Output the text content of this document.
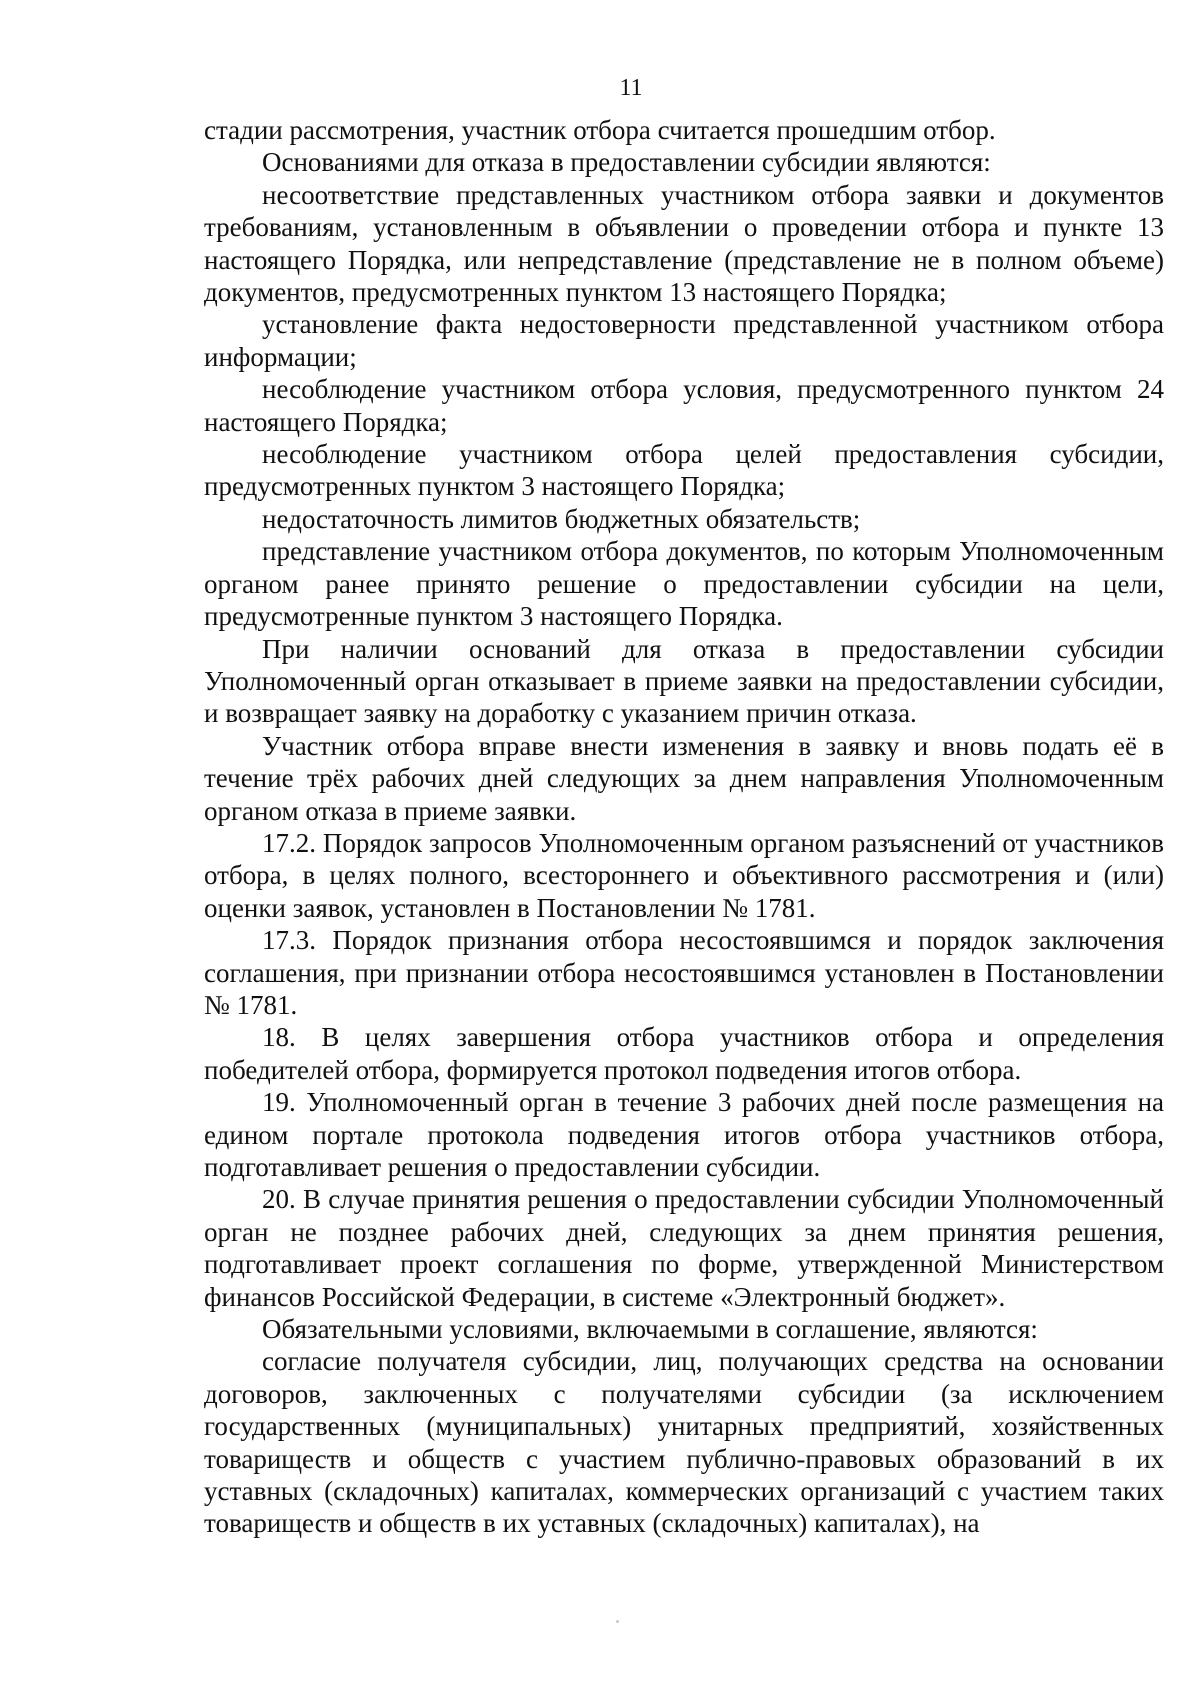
11

стадии рассмотрения, участник отбора считается прошедшим отбор.

Основаниями для отказа в предоставлении субсидии являются:

несоответствие представленных участником отбора заявки и документов требованиям, установленным в объявлении о проведении отбора и пункте 13 настоящего Порядка, или непредставление (представление не в полном объеме) документов, предусмотренных пунктом 13 настоящего Порядка;

установление факта недостоверности представленной участником отбора информации;

несоблюдение участником отбора условия, предусмотренного пунктом 24 настоящего Порядка;

несоблюдение участником отбора целей предоставления субсидии, предусмотренных пунктом 3 настоящего Порядка;

недостаточность лимитов бюджетных обязательств;

представление участником отбора документов, по которым Уполномоченным органом ранее принято решение о предоставлении субсидии на цели, предусмотренные пунктом 3 настоящего Порядка.

При наличии оснований для отказа в предоставлении субсидии Уполномоченный орган отказывает в приеме заявки на предоставлении субсидии, и возвращает заявку на доработку с указанием причин отказа.

Участник отбора вправе внести изменения в заявку и вновь подать её в течение трёх рабочих дней следующих за днем направления Уполномоченным органом отказа в приеме заявки.

17.2. Порядок запросов Уполномоченным органом разъяснений от участников отбора, в целях полного, всестороннего и объективного рассмотрения и (или) оценки заявок, установлен в Постановлении № 1781.

17.3. Порядок признания отбора несостоявшимся и порядок заключения соглашения, при признании отбора несостоявшимся установлен в Постановлении № 1781.

18. В целях завершения отбора участников отбора и определения победителей отбора, формируется протокол подведения итогов отбора.

19. Уполномоченный орган в течение 3 рабочих дней после размещения на едином портале протокола подведения итогов отбора участников отбора, подготавливает решения о предоставлении субсидии.

20. В случае принятия решения о предоставлении субсидии Уполномоченный орган не позднее рабочих дней, следующих за днем принятия решения, подготавливает проект соглашения по форме, утвержденной Министерством финансов Российской Федерации, в системе «Электронный бюджет».

Обязательными условиями, включаемыми в соглашение, являются:

согласие получателя субсидии, лиц, получающих средства на основании договоров, заключенных с получателями субсидии (за исключением государственных (муниципальных) унитарных предприятий, хозяйственных товариществ и обществ с участием публично-правовых образований в их уставных (складочных) капиталах, коммерческих организаций с участием таких товариществ и обществ в их уставных (складочных) капиталах), на
